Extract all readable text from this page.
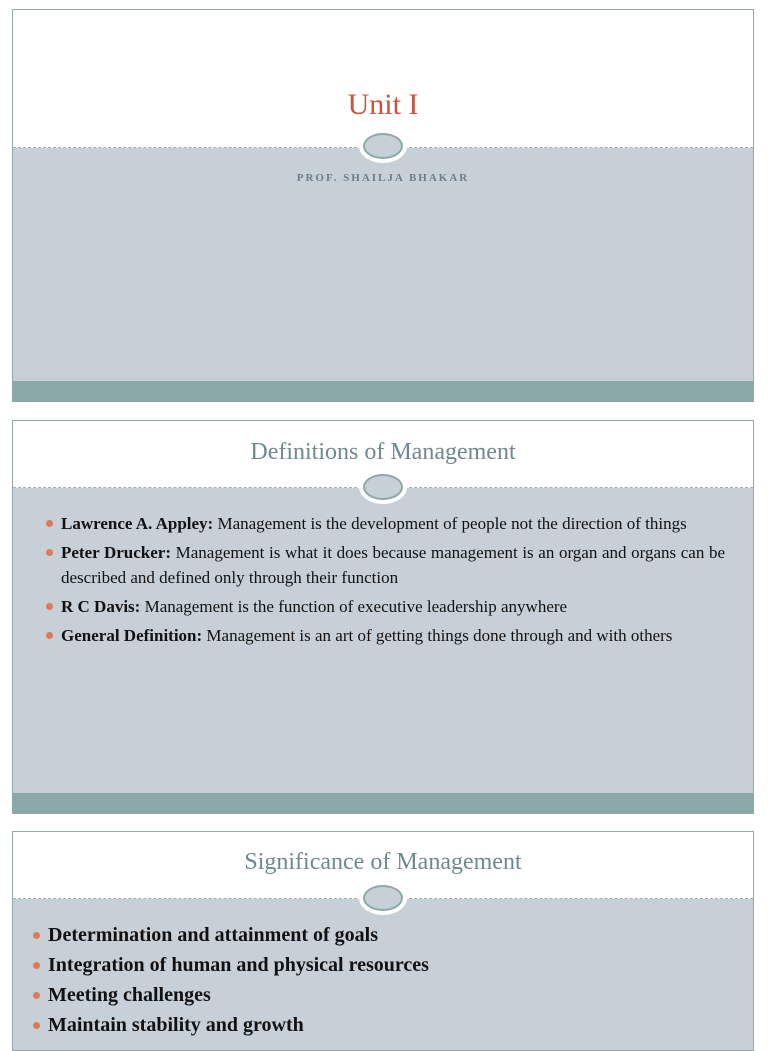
Unit I
PROF. SHAILJA BHAKAR
Definitions of Management
Lawrence A. Appley: Management is the development of people not the direction of things
Peter Drucker: Management is what it does because management is an organ and organs can be described and defined only through their function
R C Davis: Management is the function of executive leadership anywhere
General Definition: Management is an art of getting things done through and with others
Significance of Management
Determination and attainment of goals
Integration of human and physical resources
Meeting challenges
Maintain stability and growth
